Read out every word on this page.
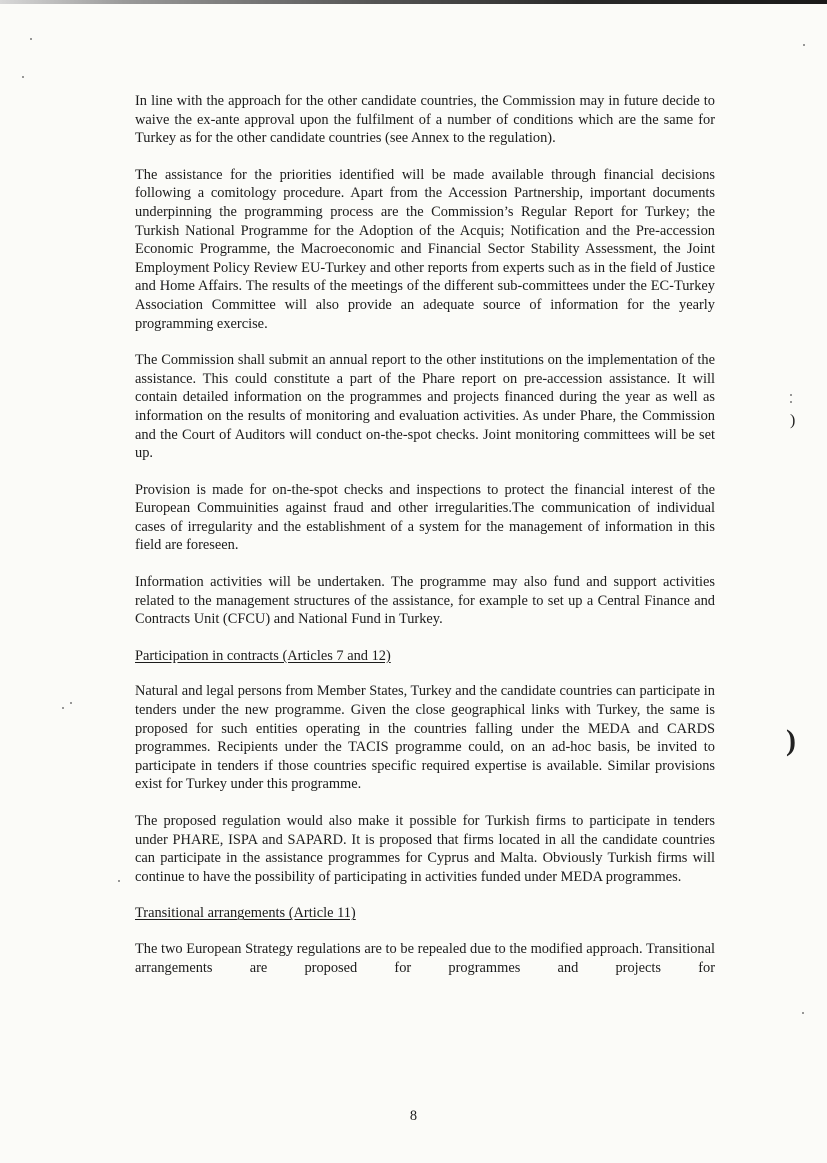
)
)

In line with the approach for the other candidate countries, the Commission may in future decide to waive the ex-ante approval upon the fulfilment of a number of conditions which are the same for Turkey as for the other candidate countries (see Annex to the regulation).

The assistance for the priorities identified will be made available through financial decisions following a comitology procedure. Apart from the Accession Partnership, important documents underpinning the programming process are the Commission’s Regular Report for Turkey; the Turkish National Programme for the Adoption of the Acquis; Notification and the Pre-accession Economic Programme, the Macroeconomic and Financial Sector Stability Assessment, the Joint Employment Policy Review EU-Turkey and other reports from experts such as in the field of Justice and Home Affairs. The results of the meetings of the different sub-committees under the EC-Turkey Association Committee will also provide an adequate source of information for the yearly programming exercise.

The Commission shall submit an annual report to the other institutions on the implementation of the assistance. This could constitute a part of the Phare report on pre-accession assistance. It will contain detailed information on the programmes and projects financed during the year as well as information on the results of monitoring and evaluation activities. As under Phare, the Commission and the Court of Auditors will conduct on-the-spot checks. Joint monitoring committees will be set up.

Provision is made for on-the-spot checks and inspections to protect the financial interest of the European Commuinities against fraud and other irregularities.The communication of individual cases of irregularity and the establishment of a system for the management of information in this field are foreseen.

Information activities will be undertaken. The programme may also fund and support activities related to the management structures of the assistance, for example to set up a Central Finance and Contracts Unit (CFCU) and National Fund in Turkey.

Participation in contracts (Articles 7 and 12)

Natural and legal persons from Member States, Turkey and the candidate countries can participate in tenders under the new programme. Given the close geographical links with Turkey, the same is proposed for such entities operating in the countries falling under the MEDA and CARDS programmes. Recipients under the TACIS programme could, on an ad-hoc basis, be invited to participate in tenders if those countries specific required expertise is available. Similar provisions exist for Turkey under this programme.

The proposed regulation would also make it possible for Turkish firms to participate in tenders under PHARE, ISPA and SAPARD. It is proposed that firms located in all the candidate countries can participate in the assistance programmes for Cyprus and Malta. Obviously Turkish firms will continue to have the possibility of participating in activities funded under MEDA programmes.

Transitional arrangements (Article 11)

The two European Strategy regulations are to be repealed due to the modified approach. Transitional arrangements are proposed for programmes and projects for

8
